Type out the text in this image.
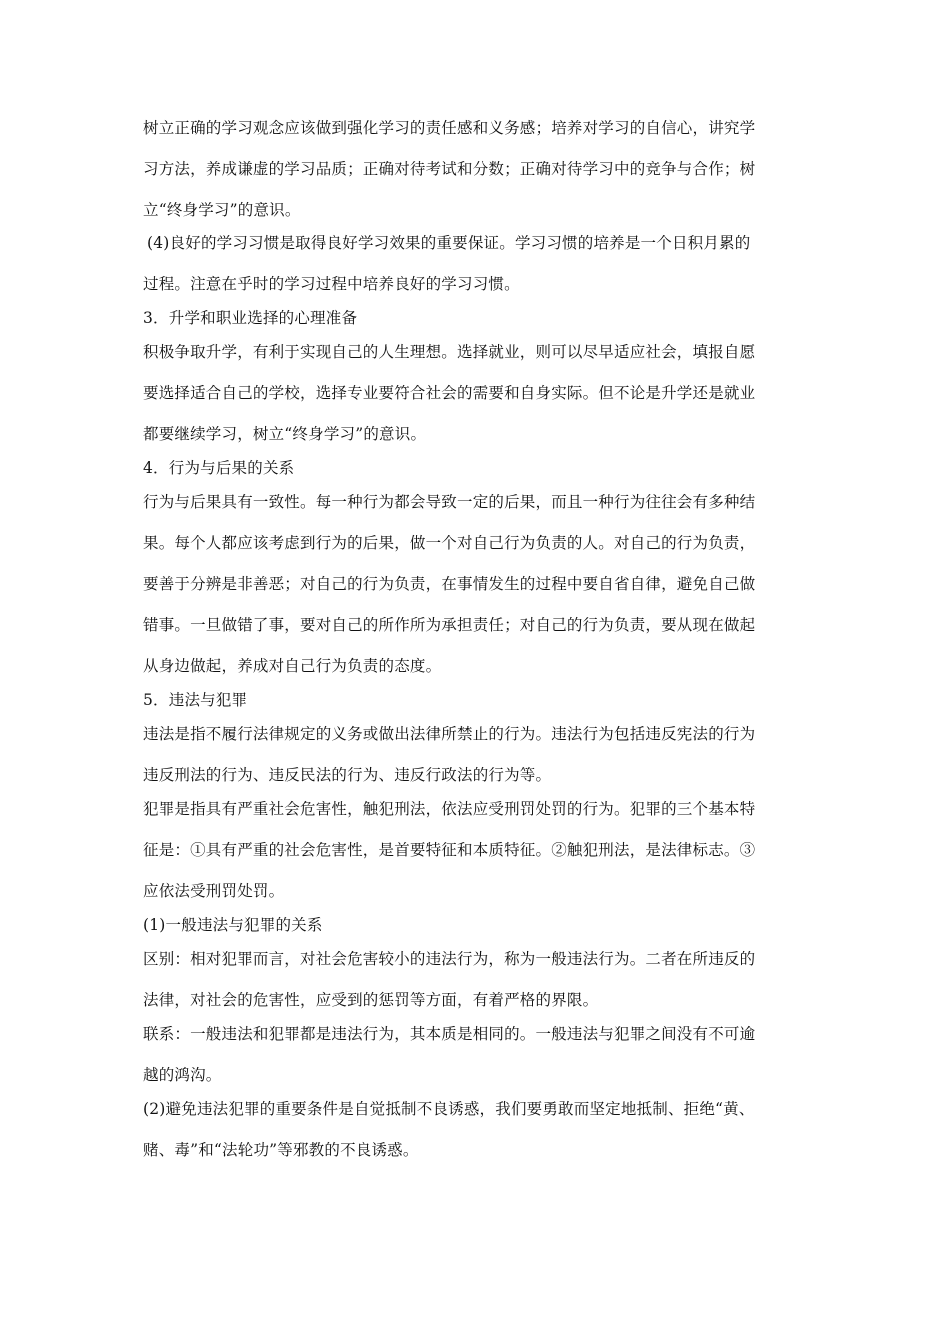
树立正确的学习观念应该做到强化学习的责任感和义务感；培养对学习的自信心，讲究学
习方法，养成谦虚的学习品质；正确对待考试和分数；正确对待学习中的竞争与合作；树
立“终身学习”的意识。
(4)良好的学习习惯是取得良好学习效果的重要保证。学习习惯的培养是一个日积月累的
过程。注意在乎时的学习过程中培养良好的学习习惯。
3．升学和职业选择的心理准备
积极争取升学，有利于实现自己的人生理想。选择就业，则可以尽早适应社会，填报自愿
要选择适合自己的学校，选择专业要符合社会的需要和自身实际。但不论是升学还是就业
都要继续学习，树立“终身学习”的意识。
4．行为与后果的关系
行为与后果具有一致性。每一种行为都会导致一定的后果，而且一种行为往往会有多种结
果。每个人都应该考虑到行为的后果，做一个对自己行为负责的人。对自己的行为负责，
要善于分辨是非善恶；对自己的行为负责，在事情发生的过程中要自省自律，避免自己做
错事。一旦做错了事，要对自己的所作所为承担责任；对自己的行为负责，要从现在做起
从身边做起，养成对自己行为负责的态度。
5．违法与犯罪
违法是指不履行法律规定的义务或做出法律所禁止的行为。违法行为包括违反宪法的行为
违反刑法的行为、违反民法的行为、违反行政法的行为等。
犯罪是指具有严重社会危害性，触犯刑法，依法应受刑罚处罚的行为。犯罪的三个基本特
征是：①具有严重的社会危害性，是首要特征和本质特征。②触犯刑法，是法律标志。③
应依法受刑罚处罚。
(1)一般违法与犯罪的关系
区别：相对犯罪而言，对社会危害较小的违法行为，称为一般违法行为。二者在所违反的
法律，对社会的危害性，应受到的惩罚等方面，有着严格的界限。
联系：一般违法和犯罪都是违法行为，其本质是相同的。一般违法与犯罪之间没有不可逾
越的鸿沟。
(2)避免违法犯罪的重要条件是自觉抵制不良诱惑，我们要勇敢而坚定地抵制、拒绝“黄、
赌、毒”和“法轮功”等邪教的不良诱惑。
